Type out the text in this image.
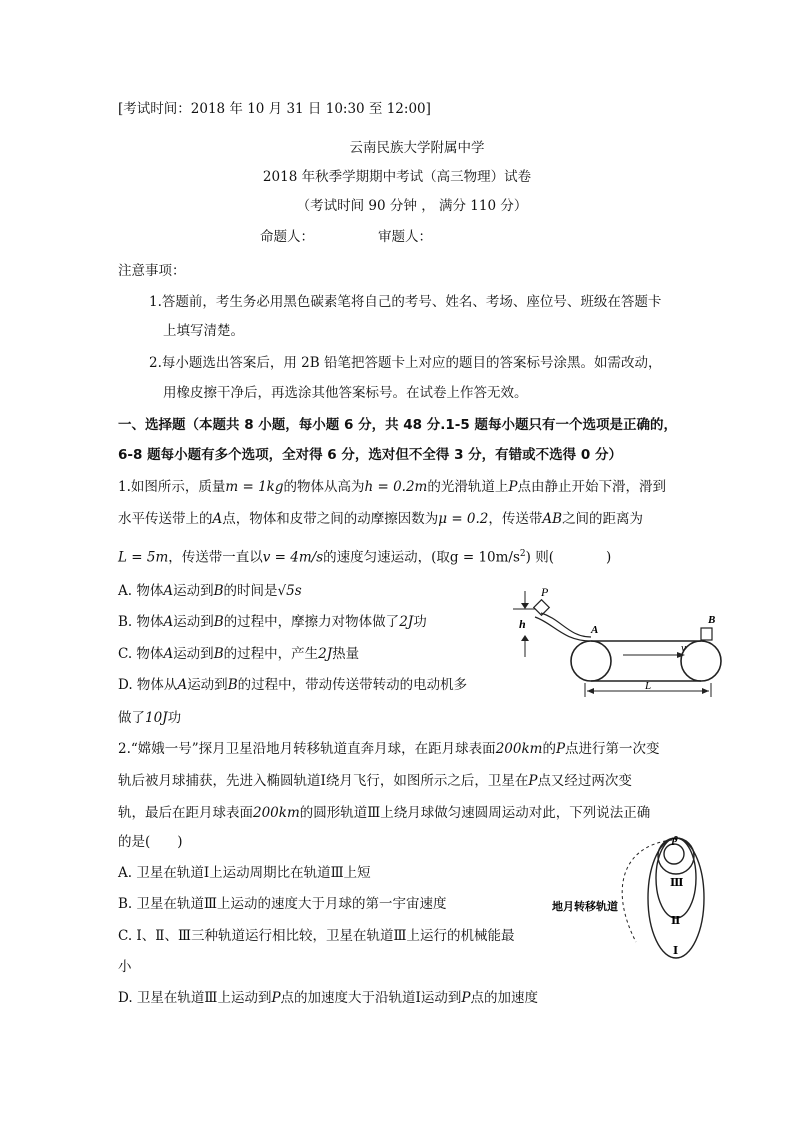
[考试时间：2018 年 10 月 31 日 10:30 至 12:00]
云南民族大学附属中学
2018 年秋季学期期中考试（高三物理）试卷
（考试时间 90 分钟 ， 满分 110 分）
命题人：	审题人：
注意事项：
1.答题前，考生务必用黑色碳素笔将自己的考号、姓名、考场、座位号、班级在答题卡
上填写清楚。
2.每小题选出答案后，用 2B 铅笔把答题卡上对应的题目的答案标号涂黑。如需改动，
用橡皮擦干净后，再选涂其他答案标号。在试卷上作答无效。
一、选择题（本题共 8 小题，每小题 6 分，共 48 分.1-5 题每小题只有一个选项是正确的，
6-8 题每小题有多个选项，全对得 6 分，选对但不全得 3 分，有错或不选得 0 分）
1.如图所示，质量m = 1kg的物体从高为h = 0.2m的光滑轨道上P点由静止开始下滑，滑到
水平传送带上的A点，物体和皮带之间的动摩擦因数为μ = 0.2，传送带AB之间的距离为
L = 5m，传送带一直以v = 4m/s的速度匀速运动，(取$g = 10m/s^2$) 则(	)
A. 物体A运动到B的时间是√5s
B. 物体A运动到B的过程中，摩擦力对物体做了2J功
C. 物体A运动到B的过程中，产生2J热量
D. 物体从A运动到B的过程中，带动传送带转动的电动机多
做了10J功
h
P
A
v
B
L
2.“嫦娥一号”探月卫星沿地月转移轨道直奔月球，在距月球表面200km的P点进行第一次变
轨后被月球捕获，先进入椭圆轨道Ⅰ绕月飞行，如图所示之后，卫星在P点又经过两次变
轨，最后在距月球表面200km的圆形轨道Ⅲ上绕月球做匀速圆周运动对此，下列说法正确
的是(　　)
A. 卫星在轨道Ⅰ上运动周期比在轨道Ⅲ上短
B. 卫星在轨道Ⅲ上运动的速度大于月球的第一宇宙速度
C. Ⅰ、Ⅱ、Ⅲ三种轨道运行相比较，卫星在轨道Ⅲ上运行的机械能最
小
D. 卫星在轨道Ⅲ上运动到P点的加速度大于沿轨道Ⅰ运动到P点的加速度
P
Ⅲ
Ⅱ
Ⅰ
地月转移轨道
